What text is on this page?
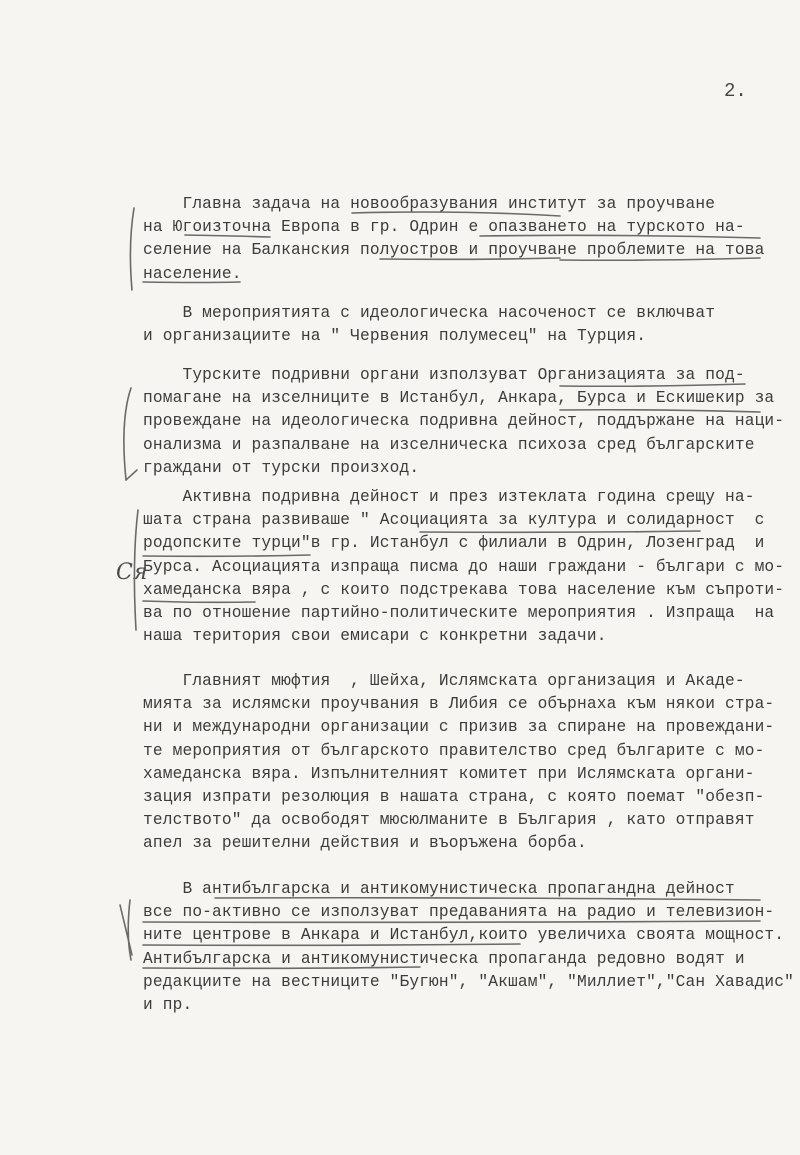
2.
Главна задача на новообразувания институт за проучване
на Югоизточна Европа в гр. Одрин е опазването на турското на-
селение на Балканския полуостров и проучване проблемите на това
население.
В мероприятията с идеологическа насоченост се включват
и организациите на " Червения полумесец" на Турция.
Турските подривни органи използуват Организацията за под-
помагане на изселниците в Истанбул, Анкара, Бурса и Ескишекир за
провеждане на идеологическа подривна дейност, поддържане на наци-
онализма и разпалване на изселническа психоза сред българските
граждани от турски произход.
Активна подривна дейност и през изтеклата година срещу на-
шата страна развиваше " Асоциацията за култура и солидарност  с
родопските турци"в гр. Истанбул с филиали в Одрин, Лозенград  и
Бурса. Асоциацията изпраща писма до наши граждани - българи с мо-
хамеданска вяра , с които подстрекава това население към съпроти-
ва по отношение партийно-политическите мероприятия . Изпраща  на
наша територия свои емисари с конкретни задачи.
Главният мюфтия  , Шейха, Ислямската организация и Акаде-
мията за ислямски проучвания в Либия се обърнаха към някои стра-
ни и международни организации с призив за спиране на провеждани-
те мероприятия от българското правителство сред българите с мо-
хамеданска вяра. Изпълнителният комитет при Ислямската органи-
зация изпрати резолюция в нашата страна, с която поемат "обезп-
телството" да освободят мюсюлманите в България , като отправят
апел за решителни действия и въоръжена борба.
В антибългарска и антикомунистическа пропагандна дейност
все по-активно се използуват предаванията на радио и телевизион-
ните центрове в Анкара и Истанбул,които увеличиха своята мощност.
Антибългарска и антикомунистическа пропаганда редовно водят и
редакциите на вестниците "Бугюн", "Акшам", "Миллиет","Сан Хавадис"
и пр.
Ся
